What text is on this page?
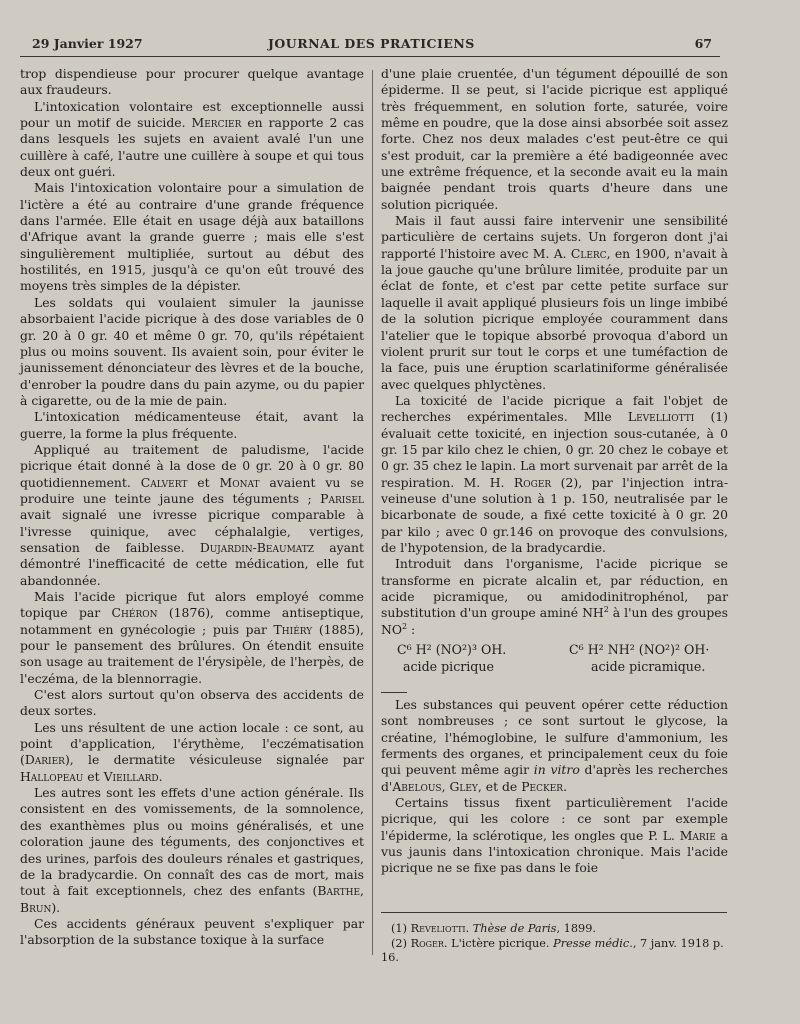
29 Janvier 1927	JOURNAL DES PRATICIENS	67

trop dispendieuse pour procurer quelque avantage aux fraudeurs.

L'intoxication volontaire est exceptionnelle aussi pour un motif de suicide. Mercier en rapporte 2 cas dans lesquels les sujets en avaient avalé l'un une cuillère à café, l'autre une cuillère à soupe et qui tous deux ont guéri.

Mais l'intoxication volontaire pour a simulation de l'ictère a été au contraire d'une grande fréquence dans l'armée. Elle était en usage déjà aux bataillons d'Afrique avant la grande guerre ; mais elle s'est singulièrement multipliée, surtout au début des hostilités, en 1915, jusqu'à ce qu'on eût trouvé des moyens très simples de la dépister.

Les soldats qui voulaient simuler la jaunisse absorbaient l'acide picrique à des dose variables de 0 gr. 20 à 0 gr. 40 et même 0 gr. 70, qu'ils répétaient plus ou moins souvent. Ils avaient soin, pour éviter le jaunissement dénonciateur des lèvres et de la bouche, d'enrober la poudre dans du pain azyme, ou du papier à cigarette, ou de la mie de pain.

L'intoxication médicamenteuse était, avant la guerre, la forme la plus fréquente.

Appliqué au traitement de paludisme, l'acide picrique était donné à la dose de 0 gr. 20 à 0 gr. 80 quotidiennement. Calvert et Monat avaient vu se produire une teinte jaune des téguments ; Parisel avait signalé une ivresse picrique comparable à l'ivresse quinique, avec céphalalgie, vertiges, sensation de faiblesse. Dujardin-Beaumatz ayant démontré l'inefficacité de cette médication, elle fut abandonnée.

Mais l'acide picrique fut alors employé comme topique par Chéron (1876), comme antiseptique, notamment en gynécologie ; puis par Thiéry (1885), pour le pansement des brûlures. On étendit ensuite son usage au traitement de l'érysipèle, de l'herpès, de l'eczéma, de la blennorragie.

C'est alors surtout qu'on observa des accidents de deux sortes.

Les uns résultent de une action locale : ce sont, au point d'application, l'érythème, l'eczématisation (Darier), le dermatite vésiculeuse signalée par Hallopeau et Vieillard.

Les autres sont les effets d'une action générale. Ils consistent en des vomissements, de la somnolence, des exanthèmes plus ou moins généralisés, et une coloration jaune des téguments, des conjonctives et des urines, parfois des douleurs rénales et gastriques, de la bradycardie. On connaît des cas de mort, mais tout à fait exceptionnels, chez des enfants (Barthe, Brun).

Ces accidents généraux peuvent s'expliquer par l'absorption de la substance toxique à la surface

d'une plaie cruentée, d'un tégument dépouillé de son épiderme. Il se peut, si l'acide picrique est appliqué très fréquemment, en solution forte, saturée, voire même en poudre, que la dose ainsi absorbée soit assez forte. Chez nos deux malades c'est peut-être ce qui s'est produit, car la première a été badigeonnée avec une extrême fréquence, et la seconde avait eu la main baignée pendant trois quarts d'heure dans une solution picriquée.

Mais il faut aussi faire intervenir une sensibilité particulière de certains sujets. Un forgeron dont j'ai rapporté l'histoire avec M. A. Clerc, en 1900, n'avait à la joue gauche qu'une brûlure limitée, produite par un éclat de fonte, et c'est par cette petite surface sur laquelle il avait appliqué plusieurs fois un linge imbibé de la solution picrique employée couramment dans l'atelier que le topique absorbé provoqua d'abord un violent prurit sur tout le corps et une tuméfaction de la face, puis une éruption scarlatiniforme généralisée avec quelques phlyctènes.

La toxicité de l'acide picrique a fait l'objet de recherches expérimentales. Mlle Levelliotti (1) évaluait cette toxicité, en injection sous-cutanée, à 0 gr. 15 par kilo chez le chien, 0 gr. 20 chez le cobaye et 0 gr. 35 chez le lapin. La mort survenait par arrêt de la respiration. M. H. Roger (2), par l'injection intra-veineuse d'une solution à 1 p. 150, neutralisée par le bicarbonate de soude, a fixé cette toxicité à 0 gr. 20 par kilo ; avec 0 gr.146 on provoque des convulsions, de l'hypotension, de la bradycardie.

Introduit dans l'organisme, l'acide picrique se transforme en picrate alcalin et, par réduction, en acide picramique, ou amidodinitrophénol, par substitution d'un groupe aminé $NH^2$ à l'un des groupes $NO^2$ :

C⁶ H² (NO²)³ OH.	C⁶ H² NH² (NO²)² OH·
acide picrique	acide picramique.

Les substances qui peuvent opérer cette réduction sont nombreuses ; ce sont surtout le glycose, la créatine, l'hémoglobine, le sulfure d'ammonium, les ferments des organes, et principalement ceux du foie qui peuvent même agir in vitro d'après les recherches d'Abelous, Gley, et de Pecker.

Certains tissus fixent particulièrement l'acide picrique, qui les colore : ce sont par exemple l'épiderme, la sclérotique, les ongles que P. L. Marie a vus jaunis dans l'intoxication chronique. Mais l'acide picrique ne se fixe pas dans le foie

(1) Reveliotti. Thèse de Paris, 1899.

(2) Roger. L'ictère picrique. Presse médic., 7 janv. 1918 p. 16.
